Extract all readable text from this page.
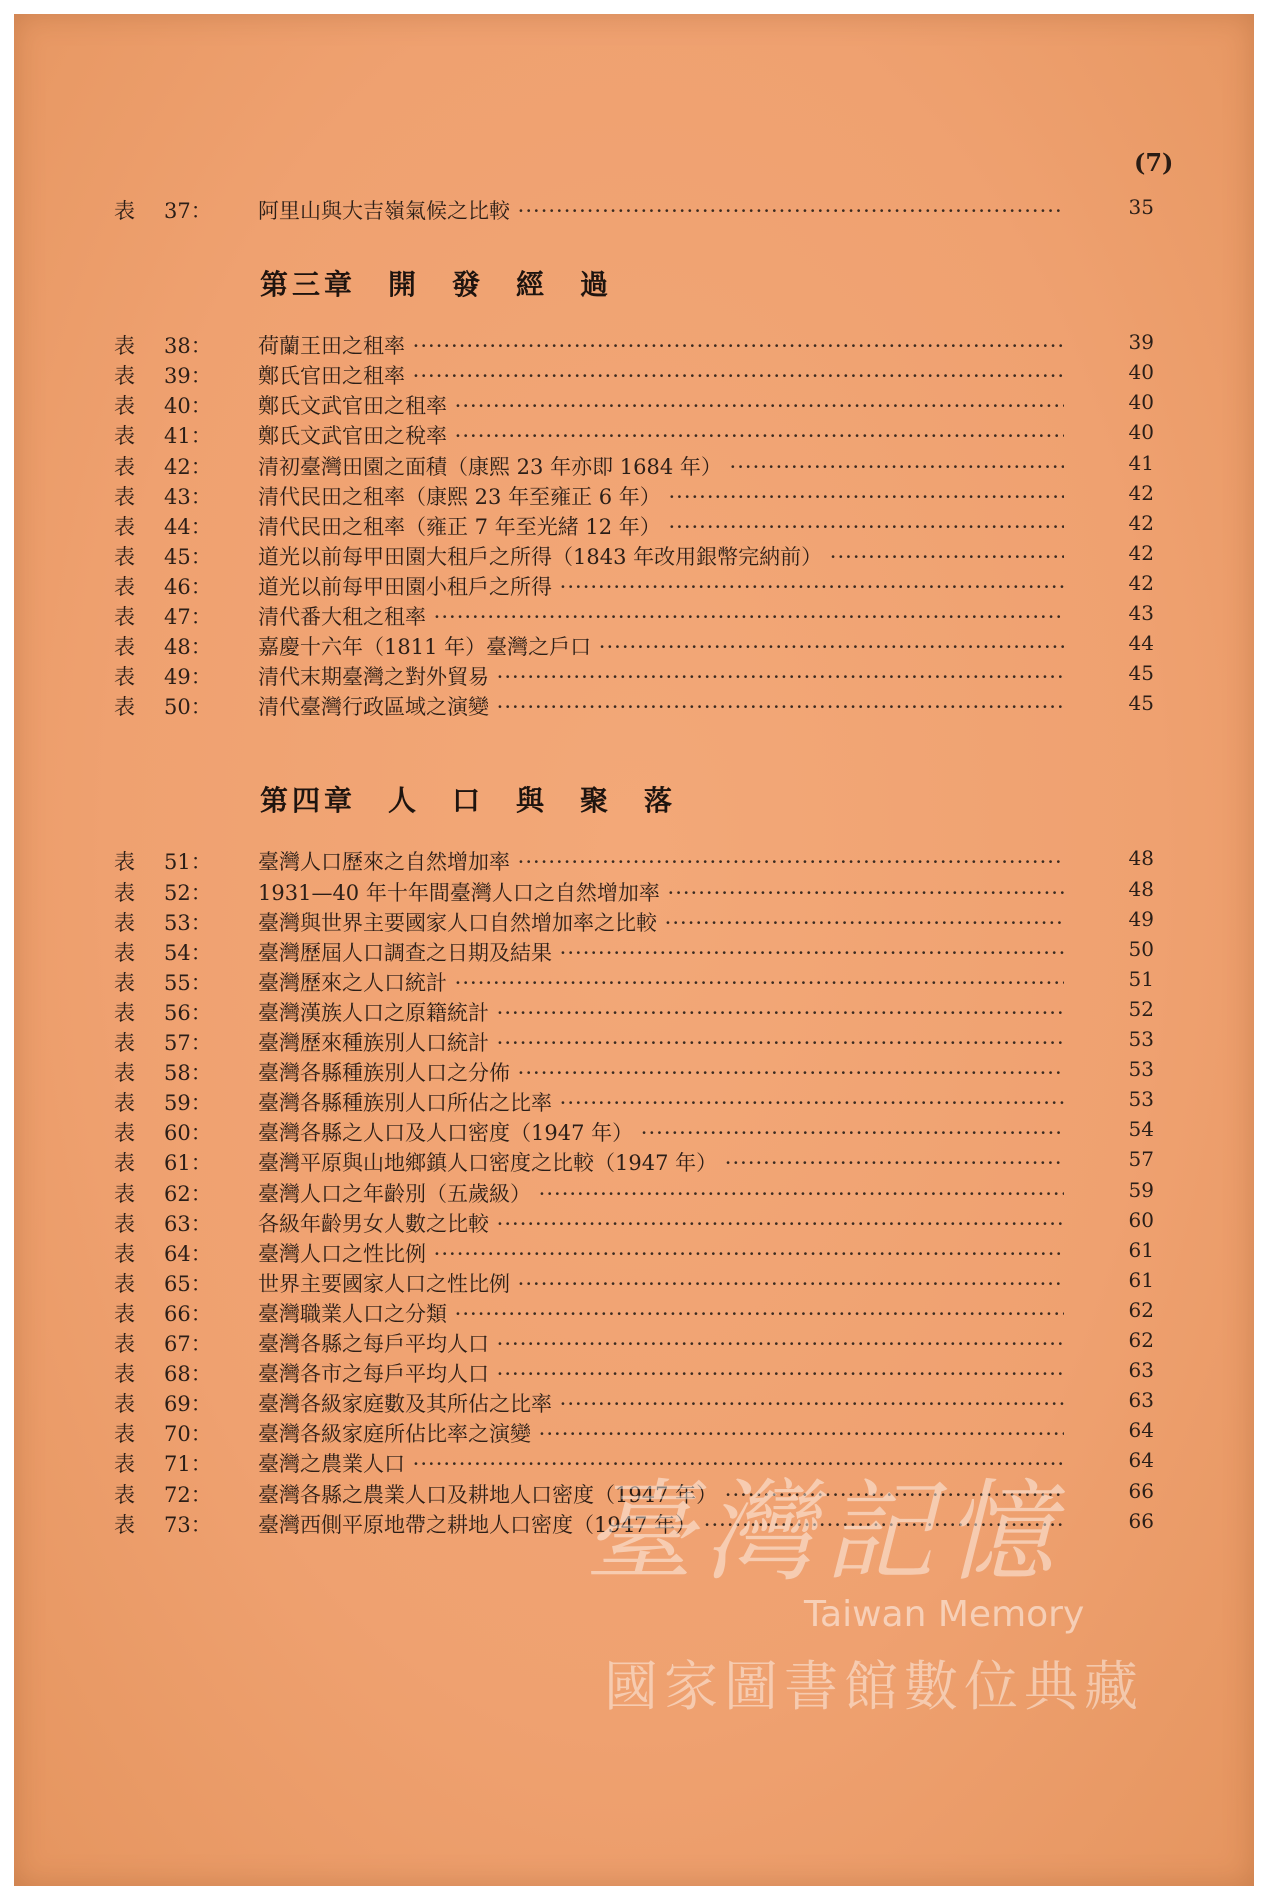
(7)
表	37：	阿里山與大吉嶺氣候之比較 ·····	35
第三章　開　發　經　過
表	38：	荷蘭王田之租率 ·····	39
表	39：	鄭氏官田之租率 ·····	40
表	40：	鄭氏文武官田之租率 ·····	40
表	41：	鄭氏文武官田之稅率 ·····	40
表	42：	清初臺灣田園之面積（康熙 23 年亦即 1684 年） ·····	41
表	43：	清代民田之租率（康熙 23 年至雍正 6 年） ·····	42
表	44：	清代民田之租率（雍正 7 年至光緒 12 年） ·····	42
表	45：	道光以前每甲田園大租戶之所得（1843 年改用銀幣完納前） ·····	42
表	46：	道光以前每甲田園小租戶之所得 ·····	42
表	47：	清代番大租之租率 ·····	43
表	48：	嘉慶十六年（1811 年）臺灣之戶口 ·····	44
表	49：	清代末期臺灣之對外貿易 ·····	45
表	50：	清代臺灣行政區域之演變 ·····	45
第四章　人　口　與　聚　落
表	51：	臺灣人口歷來之自然增加率 ·····	48
表	52：	1931—40 年十年間臺灣人口之自然增加率 ·····	48
表	53：	臺灣與世界主要國家人口自然增加率之比較 ·····	49
表	54：	臺灣歷屆人口調查之日期及結果 ·····	50
表	55：	臺灣歷來之人口統計 ·····	51
表	56：	臺灣漢族人口之原籍統計 ·····	52
表	57：	臺灣歷來種族別人口統計 ·····	53
表	58：	臺灣各縣種族別人口之分佈 ·····	53
表	59：	臺灣各縣種族別人口所佔之比率 ·····	53
表	60：	臺灣各縣之人口及人口密度（1947 年） ·····	54
表	61：	臺灣平原與山地鄉鎮人口密度之比較（1947 年） ·····	57
表	62：	臺灣人口之年齡別（五歲級） ·····	59
表	63：	各級年齡男女人數之比較 ·····	60
表	64：	臺灣人口之性比例 ·····	61
表	65：	世界主要國家人口之性比例 ·····	61
表	66：	臺灣職業人口之分類 ·····	62
表	67：	臺灣各縣之每戶平均人口 ·····	62
表	68：	臺灣各市之每戶平均人口 ·····	63
表	69：	臺灣各級家庭數及其所佔之比率 ·····	63
表	70：	臺灣各級家庭所佔比率之演變 ·····	64
表	71：	臺灣之農業人口 ·····	64
表	72：	臺灣各縣之農業人口及耕地人口密度（1947 年） ·····	66
表	73：	臺灣西側平原地帶之耕地人口密度（1947 年） ·····	66
臺灣記憶
Taiwan Memory
國家圖書館數位典藏
